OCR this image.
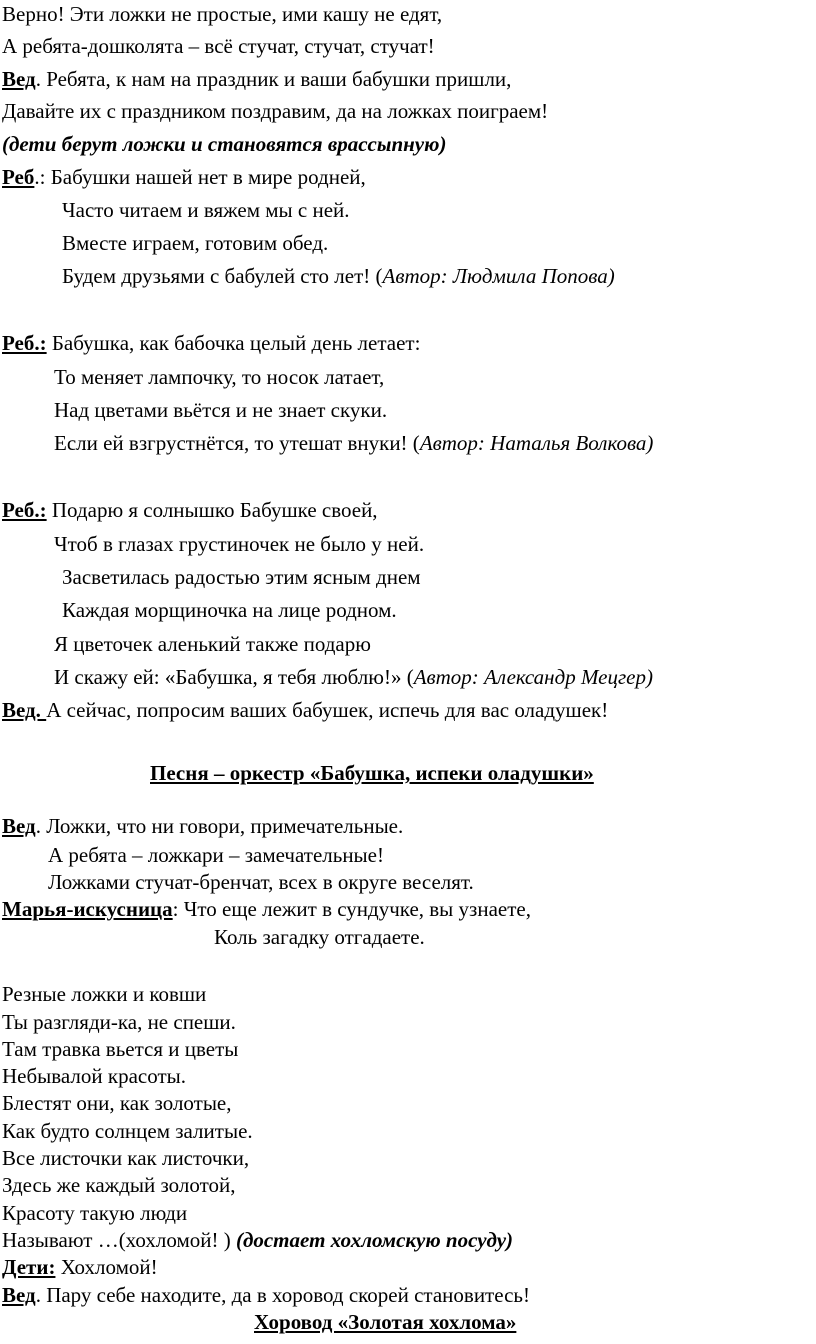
Верно! Эти ложки не простые, ими кашу не едят,
А ребята-дошколята – всё стучат, стучат, стучат!
Вед. Ребята, к нам на праздник и ваши бабушки пришли,
Давайте их с праздником поздравим, да на ложках поиграем!
(дети берут ложки и становятся врассыпную)
Реб.: Бабушки нашей нет в мире родней,
Часто читаем и вяжем мы с ней.
Вместе играем, готовим обед.
Будем друзьями с бабулей сто лет! (Автор: Людмила Попова)
Реб.: Бабушка, как бабочка целый день летает:
То меняет лампочку, то носок латает,
Над цветами вьётся и не знает скуки.
Если ей взгрустнётся, то утешат внуки! (Автор: Наталья Волкова)
Реб.: Подарю я солнышко Бабушке своей,
Чтоб в глазах грустиночек не было у ней.
Засветилась радостью этим ясным днем
Каждая морщиночка на лице родном.
Я цветочек аленький также подарю
И скажу ей: «Бабушка, я тебя люблю!» (Автор: Александр Мецгер)
Вед. А сейчас, попросим ваших бабушек, испечь для вас оладушек!
Песня – оркестр «Бабушка, испеки оладушки»
Вед. Ложки, что ни говори, примечательные.
А ребята – ложкари – замечательные!
Ложками стучат-бренчат, всех в округе веселят.
Марья-искусница: Что еще лежит в сундучке, вы узнаете,
Коль загадку отгадаете.
Резные ложки и ковши
Ты разгляди-ка, не спеши.
Там травка вьется и цветы
Небывалой красоты.
Блестят они, как золотые,
Как будто солнцем залитые.
Все листочки как листочки,
Здесь же каждый золотой,
Красоту такую люди
Называют …(хохломой! ) (достает хохломскую посуду)
Дети: Хохломой!
Вед. Пару себе находите, да в хоровод скорей становитесь!
Хоровод «Золотая хохлома»
